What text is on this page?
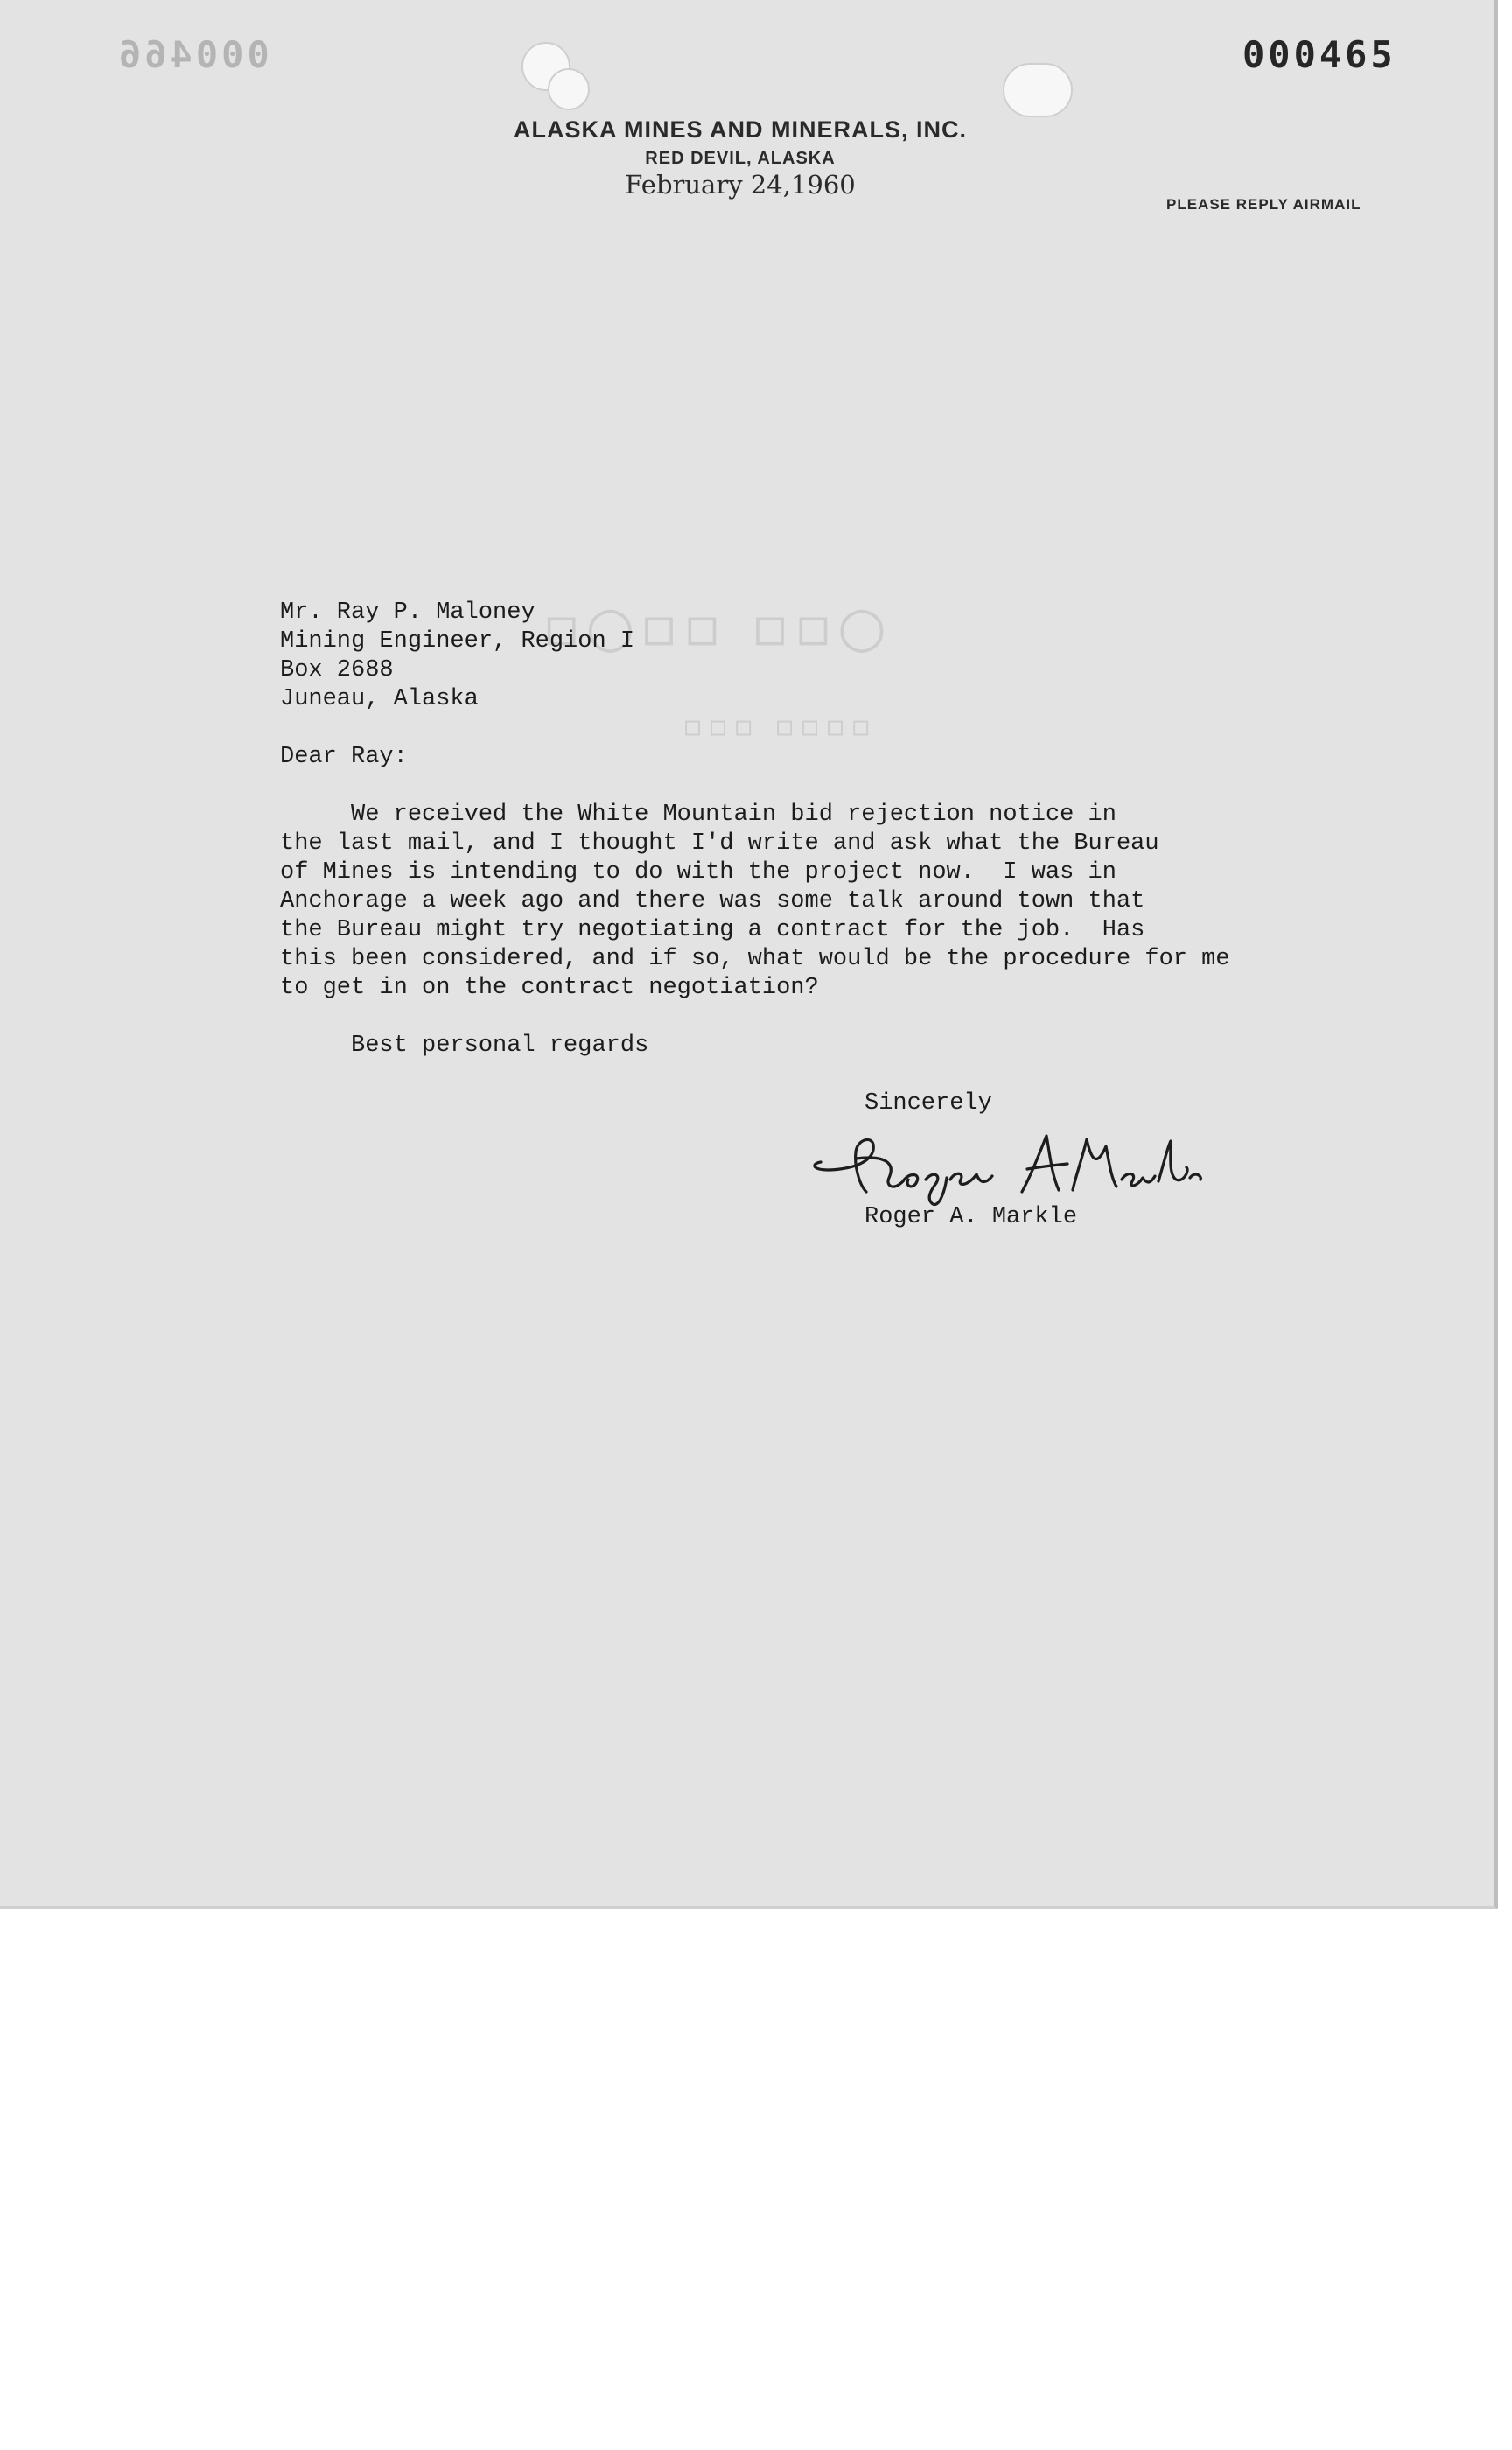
▫○▫▫ ▫▫○
▫▫▫ ▫▫▫▫
000466	000465
ALASKA MINES AND MINERALS, INC.
RED DEVIL, ALASKA
February 24,1960
PLEASE REPLY AIRMAIL
Mr. Ray P. Maloney
Mining Engineer, Region I
Box 2688
Juneau, Alaska
Dear Ray:
We received the White Mountain bid rejection notice in
the last mail, and I thought I'd write and ask what the Bureau
of Mines is intending to do with the project now.  I was in
Anchorage a week ago and there was some talk around town that
the Bureau might try negotiating a contract for the job.  Has
this been considered, and if so, what would be the procedure for me
to get in on the contract negotiation?
Best personal regards
Sincerely
Roger A. Markle
